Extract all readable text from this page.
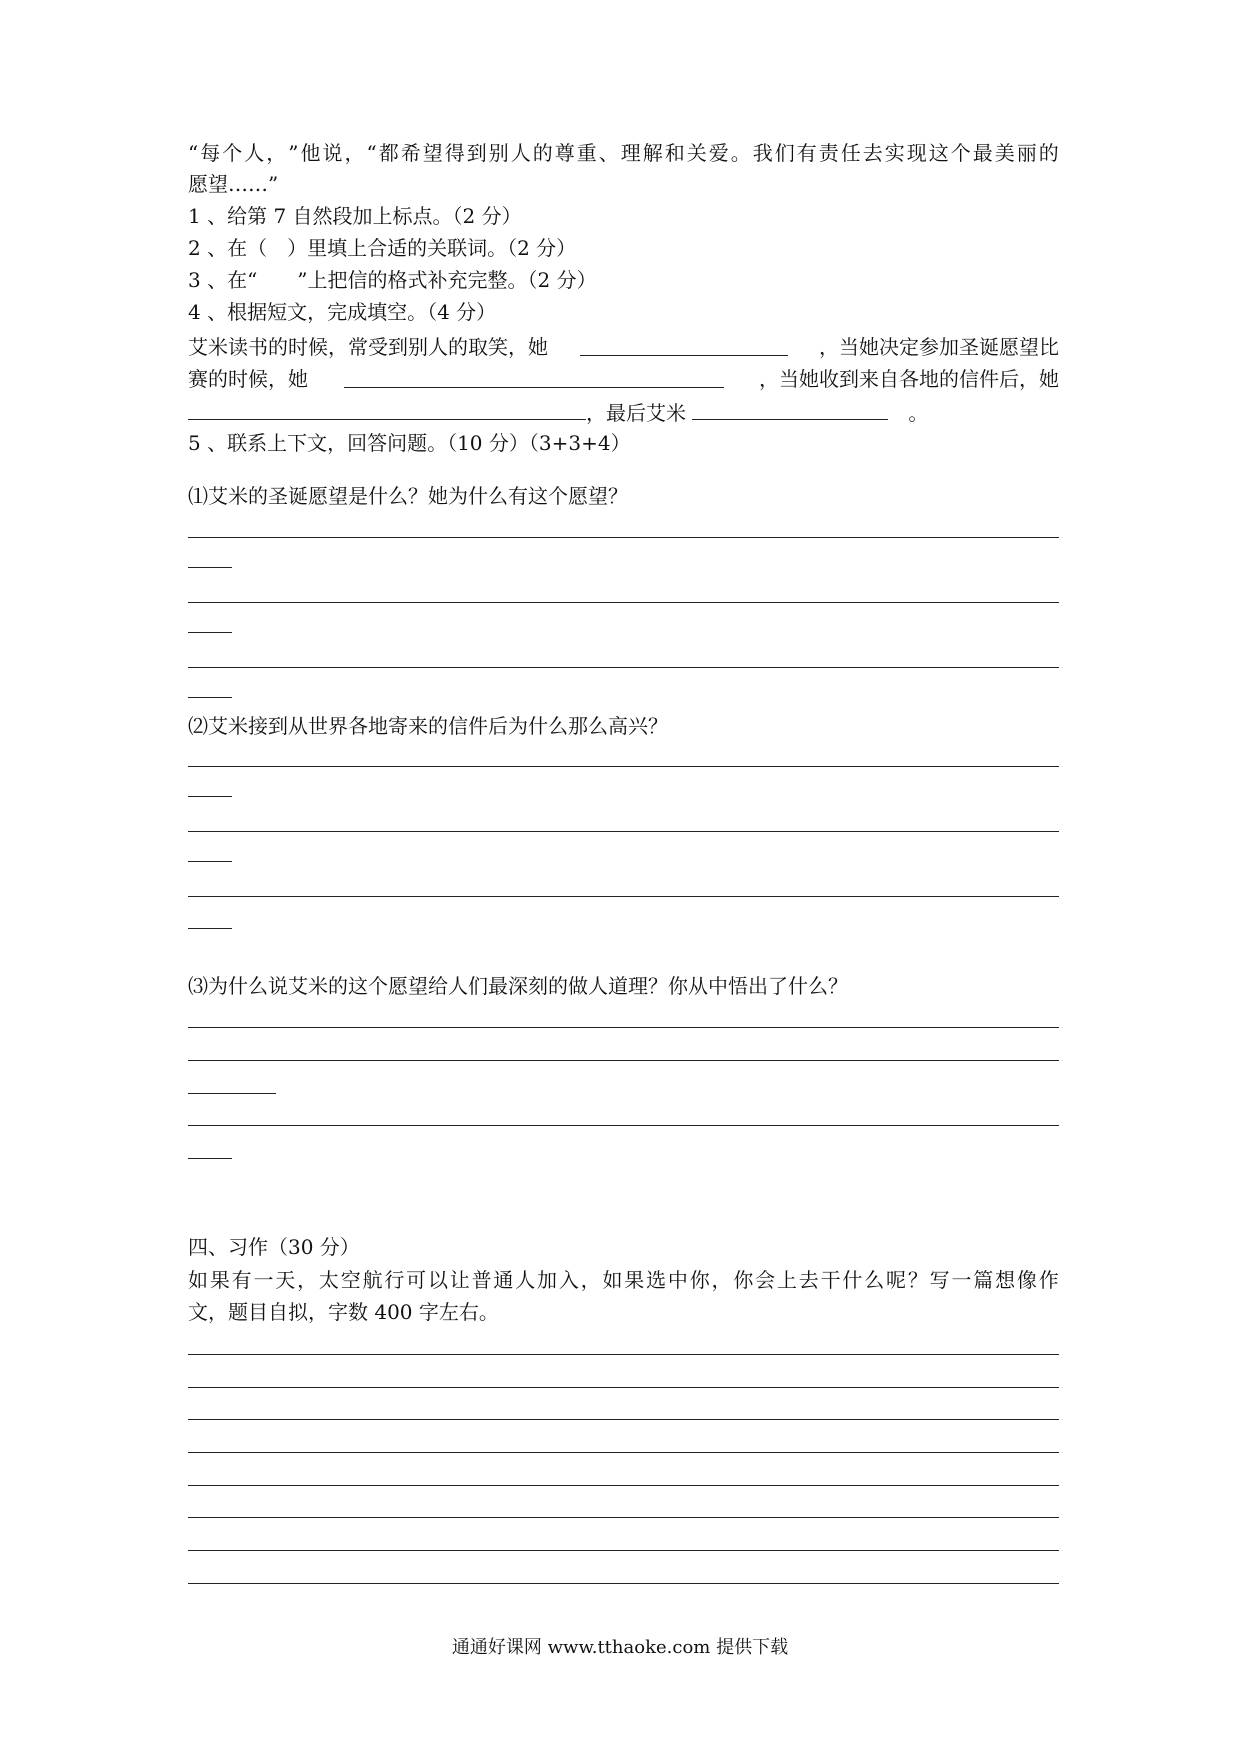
“ 每 个 人 ， ” 他 说 ， “ 都 希 望 得 到 别 人 的 尊 重 、 理 解 和 关 爱 。 我 们 有 责 任 去 实 现 这 个 最 美 丽 的
愿望……”
1 、给第 7 自然段加上标点。（2 分）
2 、在（　）里填上合适的关联词。（2 分）
3 、在“　　”上把信的格式补充完整。（2 分）
4 、根据短文，完成填空。（4 分）
艾米读书的时候，常受到别人的取笑，她	，当她决定参加圣诞愿望比
赛的时候，她	，当她收到来自各地的信件后，她
，最后艾米	。
5 、联系上下文，回答问题。（10 分）（3+3+4）
⑴艾米的圣诞愿望是什么？她为什么有这个愿望？
⑵艾米接到从世界各地寄来的信件后为什么那么高兴？
⑶为什么说艾米的这个愿望给人们最深刻的做人道理？你从中悟出了什么？
四、习作（30 分）
如 果 有 一 天 ， 太 空 航 行 可 以 让 普 通 人 加 入 ， 如 果 选 中 你 ， 你 会 上 去 干 什 么 呢 ？ 写 一 篇 想 像 作
文，题目自拟，字数 400 字左右。
通通好课网 www.tthaoke.com 提供下载
